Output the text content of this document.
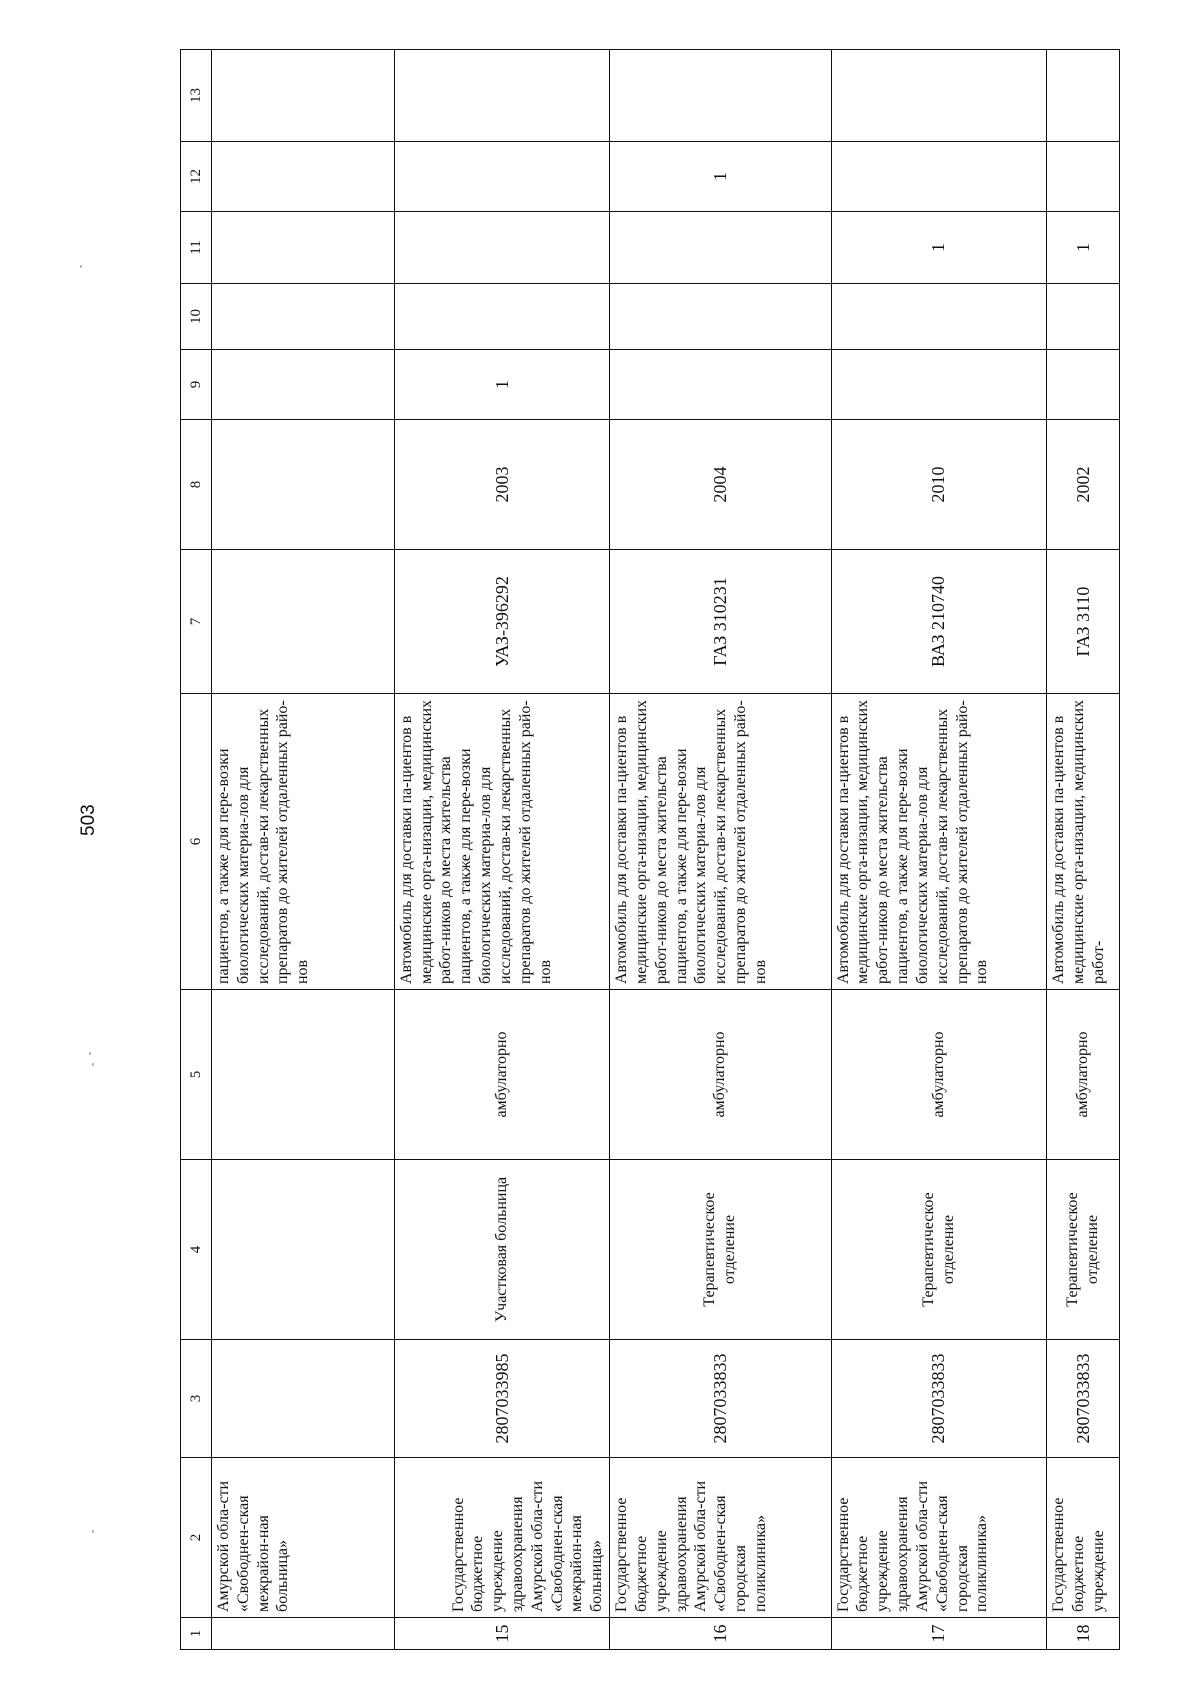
503
1	2	3	4	5	6	7	8	9	10	11	12	13
	Амурской обла-сти «Свободнен-ская межрайон-ная больница»				пациентов, а также для пере-возки биологических материа-лов для исследований, достав-ки лекарственных препаратов до жителей отдаленных райо-нов							
15	Государственное бюджетное учреждение здравоохранения Амурской обла-сти «Свободнен-ская межрайон-ная больница»	2807033985	Участковая больница	амбулаторно	Автомобиль для доставки па-циентов в медицинские орга-низации, медицинских работ-ников до места жительства пациентов, а также для пере-возки биологических материа-лов для исследований, достав-ки лекарственных препаратов до жителей отдаленных райо-нов	УАЗ-396292	2003	1				
16	Государственное бюджетное учреждение здравоохранения Амурской обла-сти «Свободнен-ская городская поликлиника»	2807033833	Терапевтическое отделение	амбулаторно	Автомобиль для доставки па-циентов в медицинские орга-низации, медицинских работ-ников до места жительства пациентов, а также для пере-возки биологических материа-лов для исследований, достав-ки лекарственных препаратов до жителей отдаленных райо-нов	ГАЗ 310231	2004				1	
17	Государственное бюджетное учреждение здравоохранения Амурской обла-сти «Свободнен-ская городская поликлиника»	2807033833	Терапевтическое отделение	амбулаторно	Автомобиль для доставки па-циентов в медицинские орга-низации, медицинских работ-ников до места жительства пациентов, а также для пере-возки биологических материа-лов для исследований, достав-ки лекарственных препаратов до жителей отдаленных райо-нов	ВАЗ 210740	2010			1		
18	Государственное бюджетное учреждение	2807033833	Терапевтическое отделение	амбулаторно	Автомобиль для доставки па-циентов в медицинские орга-низации, медицинских работ-	ГАЗ 3110	2002			1		
